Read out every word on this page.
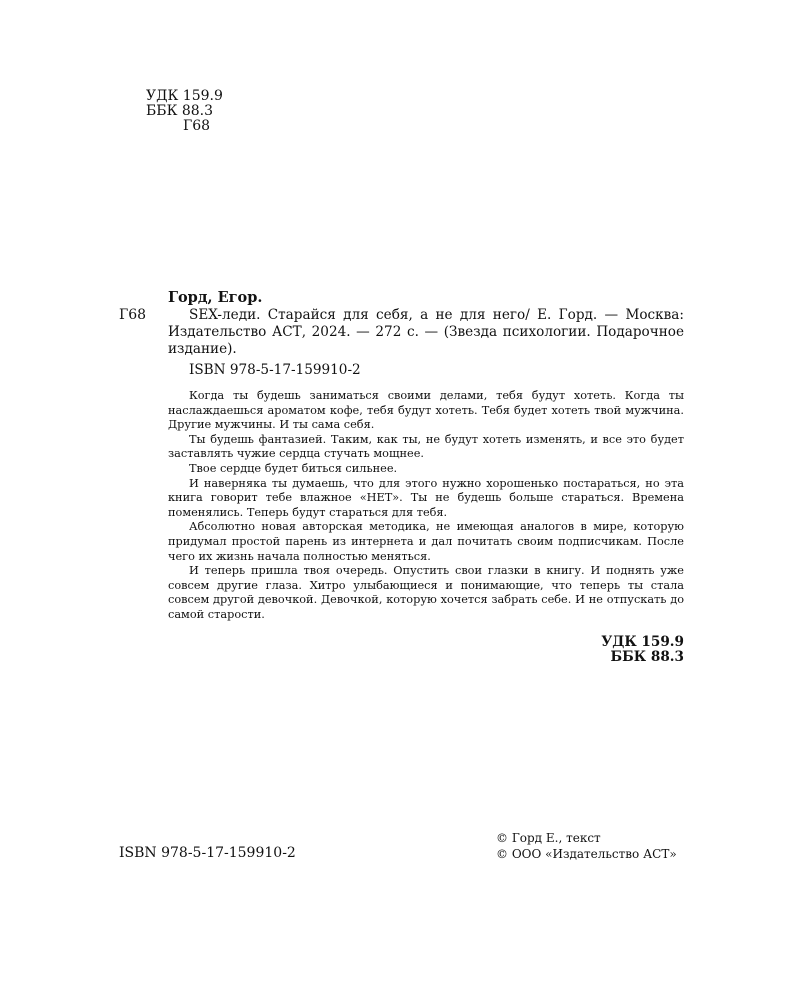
УДК 159.9
ББК 88.3
Г68
Г68
Горд, Егор.

SEX-леди. Старайся для себя, а не для него/ Е. Горд. — Москва: Издательство АСТ, 2024. — 272 с. — (Звезда психологии. Подарочное издание).

ISBN 978-5-17-159910-2

Когда ты будешь заниматься своими делами, тебя будут хотеть. Когда ты наслаждаешься ароматом кофе, тебя будут хотеть. Тебя будет хотеть твой мужчина. Другие мужчины. И ты сама себя.

Ты будешь фантазией. Таким, как ты, не будут хотеть изменять, и все это будет заставлять чужие сердца стучать мощнее.

Твое сердце будет биться сильнее.

И наверняка ты думаешь, что для этого нужно хорошенько постараться, но эта книга говорит тебе влажное «НЕТ». Ты не будешь больше стараться. Времена поменялись. Теперь будут стараться для тебя.

Абсолютно новая авторская методика, не имеющая аналогов в мире, которую придумал простой парень из интернета и дал почитать своим подписчикам. После чего их жизнь начала полностью меняться.

И теперь пришла твоя очередь. Опустить свои глазки в книгу. И поднять уже совсем другие глаза. Хитро улыбающиеся и понимающие, что теперь ты стала совсем другой девочкой. Девочкой, которую хочется забрать себе. И не отпускать до самой старости.

УДК 159.9
ББК 88.3
ISBN 978-5-17-159910-2
© Горд Е., текст
© ООО «Издательство АСТ»
